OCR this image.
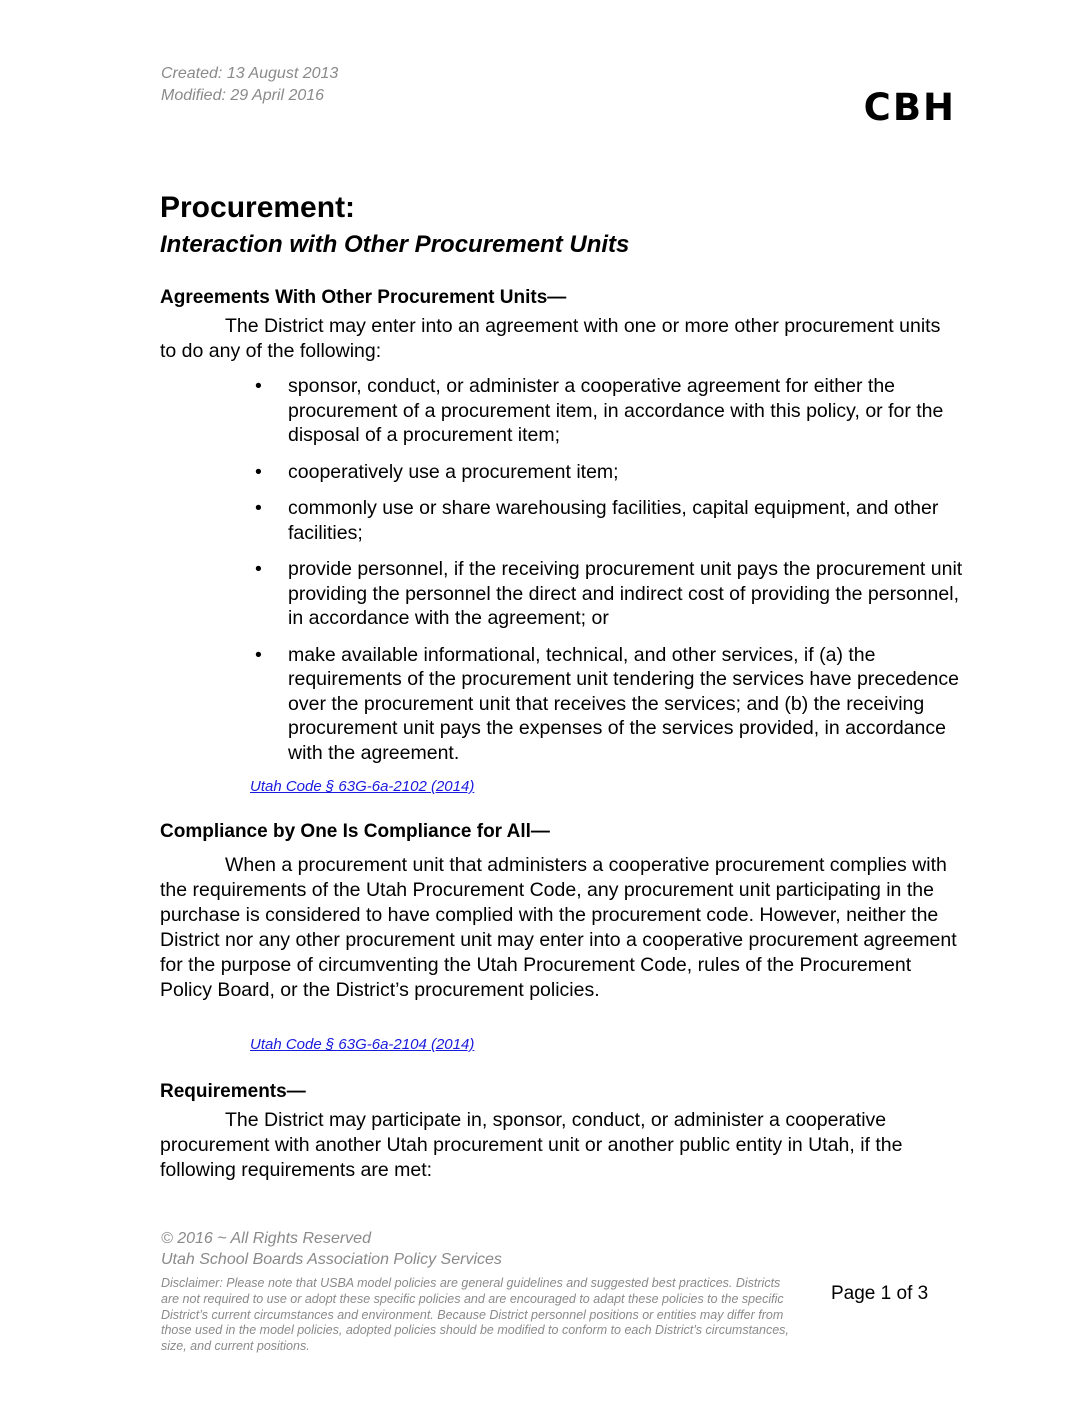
Created: 13 August 2013
Modified: 29 April 2016	CBH
Procurement:
Interaction with Other Procurement Units
Agreements With Other Procurement Units—
The District may enter into an agreement with one or more other procurement units to do any of the following:
• sponsor, conduct, or administer a cooperative agreement for either the procurement of a procurement item, in accordance with this policy, or for the disposal of a procurement item;
• cooperatively use a procurement item;
• commonly use or share warehousing facilities, capital equipment, and other facilities;
• provide personnel, if the receiving procurement unit pays the procurement unit providing the personnel the direct and indirect cost of providing the personnel, in accordance with the agreement; or
• make available informational, technical, and other services, if (a) the requirements of the procurement unit tendering the services have precedence over the procurement unit that receives the services; and (b) the receiving procurement unit pays the expenses of the services provided, in accordance with the agreement.
Utah Code § 63G-6a-2102 (2014)
Compliance by One Is Compliance for All—
When a procurement unit that administers a cooperative procurement complies with the requirements of the Utah Procurement Code, any procurement unit participating in the purchase is considered to have complied with the procurement code. However, neither the District nor any other procurement unit may enter into a cooperative procurement agreement for the purpose of circumventing the Utah Procurement Code, rules of the Procurement Policy Board, or the District’s procurement policies.
Utah Code § 63G-6a-2104 (2014)
Requirements—
The District may participate in, sponsor, conduct, or administer a cooperative procurement with another Utah procurement unit or another public entity in Utah, if the following requirements are met:
© 2016 ~ All Rights Reserved
Utah School Boards Association Policy Services
Disclaimer: Please note that USBA model policies are general guidelines and suggested best practices. Districts are not required to use or adopt these specific policies and are encouraged to adapt these policies to the specific District’s current circumstances and environment. Because District personnel positions or entities may differ from those used in the model policies, adopted policies should be modified to conform to each District’s circumstances, size, and current positions.
Page 1 of 3
